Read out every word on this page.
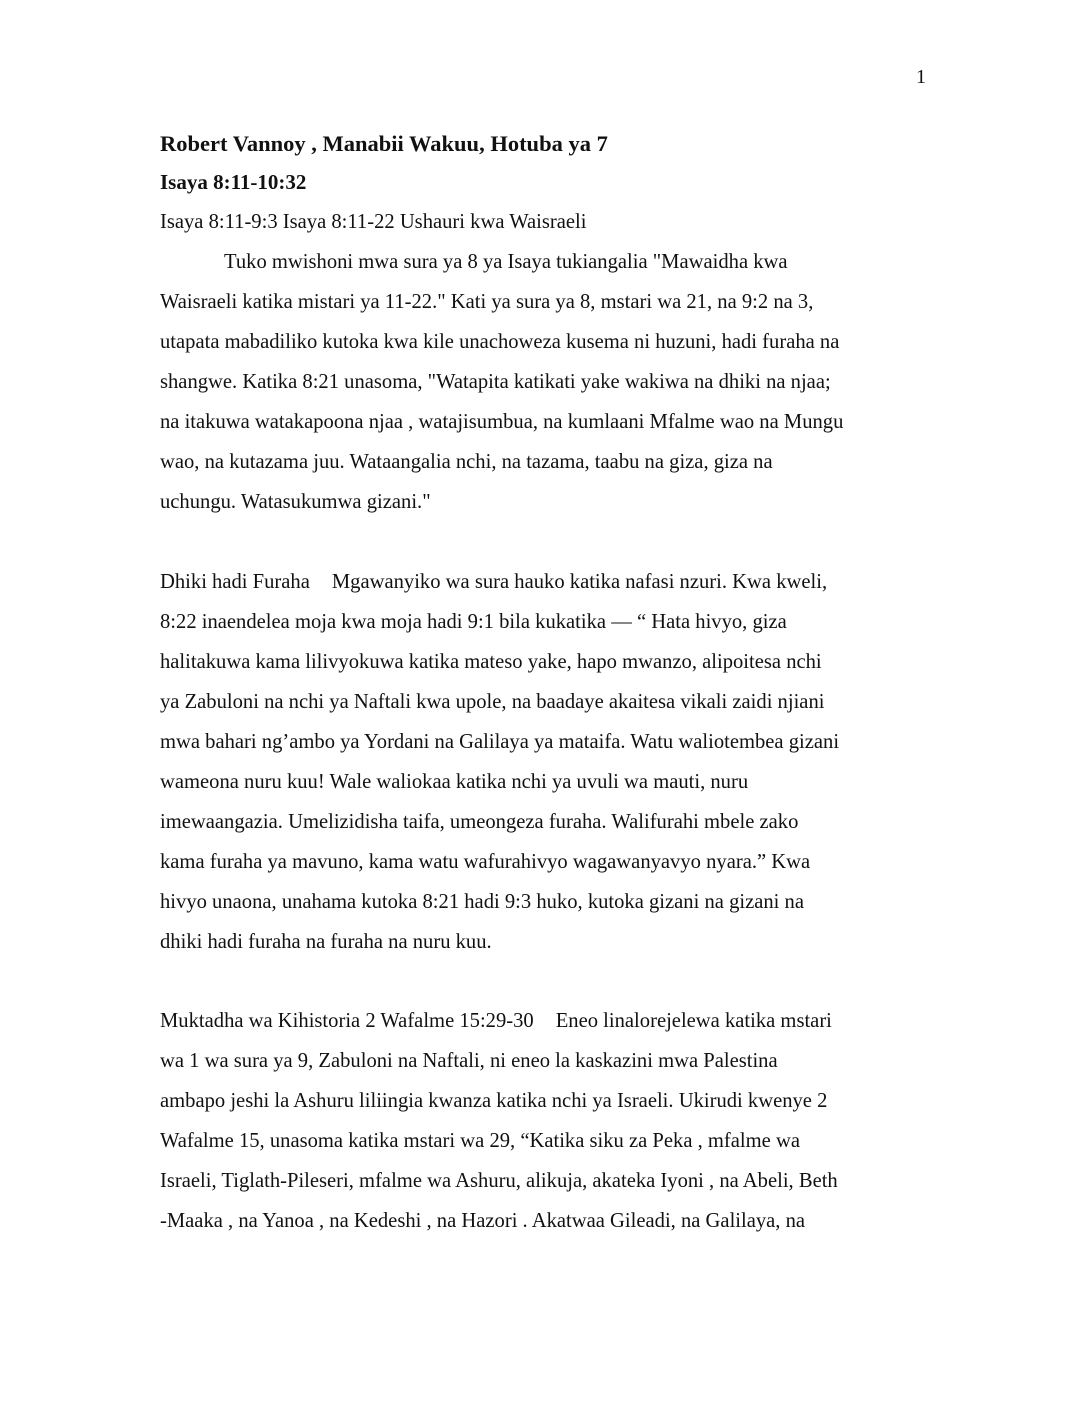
1
Robert Vannoy , Manabii Wakuu, Hotuba ya 7
Isaya 8:11-10:32
Isaya 8:11-9:3 Isaya 8:11-22 Ushauri kwa Waisraeli
Tuko mwishoni mwa sura ya 8 ya Isaya tukiangalia "Mawaidha kwa
Waisraeli katika mistari ya 11-22." Kati ya sura ya 8, mstari wa 21, na 9:2 na 3,
utapata mabadiliko kutoka kwa kile unachoweza kusema ni huzuni, hadi furaha na
shangwe. Katika 8:21 unasoma, "Watapita katikati yake wakiwa na dhiki na njaa;
na itakuwa watakapoona njaa , watajisumbua, na kumlaani Mfalme wao na Mungu
wao, na kutazama juu. Wataangalia nchi, na tazama, taabu na giza, giza na
uchungu. Watasukumwa gizani."
Dhiki hadi Furaha Mgawanyiko wa sura hauko katika nafasi nzuri. Kwa kweli,
8:22 inaendelea moja kwa moja hadi 9:1 bila kukatika — “ Hata hivyo, giza
halitakuwa kama lilivyokuwa katika mateso yake, hapo mwanzo, alipoitesa nchi
ya Zabuloni na nchi ya Naftali kwa upole, na baadaye akaitesa vikali zaidi njiani
mwa bahari ng’ambo ya Yordani na Galilaya ya mataifa. Watu waliotembea gizani
wameona nuru kuu! Wale waliokaa katika nchi ya uvuli wa mauti, nuru
imewaangazia. Umelizidisha taifa, umeongeza furaha. Walifurahi mbele zako
kama furaha ya mavuno, kama watu wafurahivyo wagawanyavyo nyara.” Kwa
hivyo unaona, unahama kutoka 8:21 hadi 9:3 huko, kutoka gizani na gizani na
dhiki hadi furaha na furaha na nuru kuu.
Muktadha wa Kihistoria 2 Wafalme 15:29-30 Eneo linalorejelewa katika mstari
wa 1 wa sura ya 9, Zabuloni na Naftali, ni eneo la kaskazini mwa Palestina
ambapo jeshi la Ashuru liliingia kwanza katika nchi ya Israeli. Ukirudi kwenye 2
Wafalme 15, unasoma katika mstari wa 29, “Katika siku za Peka , mfalme wa
Israeli, Tiglath-Pileseri, mfalme wa Ashuru, alikuja, akateka Iyoni , na Abeli, Beth
-Maaka , na Yanoa , na Kedeshi , na Hazori . Akatwaa Gileadi, na Galilaya, na
